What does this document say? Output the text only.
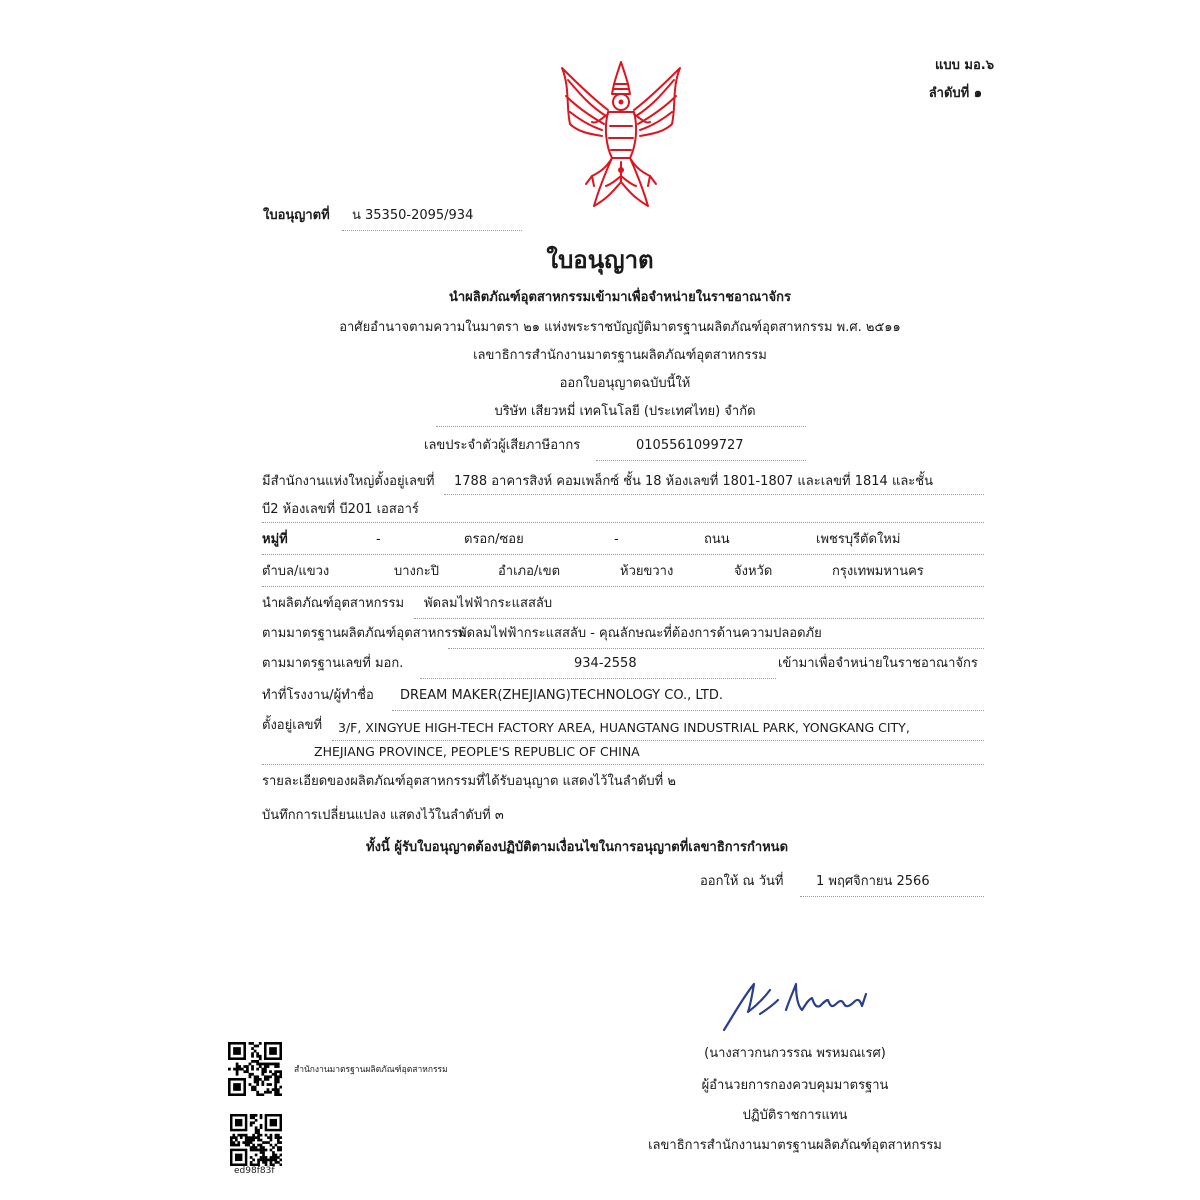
แบบ มอ.๖
ลำดับที่ ๑
ใบอนุญาตที่ น 35350-2095/934
ใบอนุญาต
นำผลิตภัณฑ์อุตสาหกรรมเข้ามาเพื่อจำหน่ายในราชอาณาจักร
อาศัยอำนาจตามความในมาตรา ๒๑ แห่งพระราชบัญญัติมาตรฐานผลิตภัณฑ์อุตสาหกรรม พ.ศ. ๒๕๑๑
เลขาธิการสำนักงานมาตรฐานผลิตภัณฑ์อุตสาหกรรม
ออกใบอนุญาตฉบับนี้ให้
บริษัท เสียวหมี่ เทคโนโลยี (ประเทศไทย) จำกัด
เลขประจำตัวผู้เสียภาษีอากร	0105561099727
มีสำนักงานแห่งใหญ่ตั้งอยู่เลขที่ 1788 อาคารสิงห์ คอมเพล็กซ์ ชั้น 18 ห้องเลขที่ 1801-1807 และเลขที่ 1814 และชั้น
บี2 ห้องเลขที่ บี201 เอสอาร์
หมู่ที่	-	ตรอก/ซอย	-	ถนน	เพชรบุรีตัดใหม่
ตำบล/แขวง	บางกะปิ	อำเภอ/เขต	ห้วยขวาง	จังหวัด	กรุงเทพมหานคร
นำผลิตภัณฑ์อุตสาหกรรม พัดลมไฟฟ้ากระแสสลับ
ตามมาตรฐานผลิตภัณฑ์อุตสาหกรรม
พัดลมไฟฟ้ากระแสสลับ - คุณลักษณะที่ต้องการด้านความปลอดภัย
ตามมาตรฐานเลขที่ มอก.	934-2558	เข้ามาเพื่อจำหน่ายในราชอาณาจักร
ทำที่โรงงาน/ผู้ทำชื่อ DREAM MAKER(ZHEJIANG)TECHNOLOGY CO., LTD.
ตั้งอยู่เลขที่ 3/F, XINGYUE HIGH-TECH FACTORY AREA, HUANGTANG INDUSTRIAL PARK, YONGKANG CITY,
ZHEJIANG PROVINCE, PEOPLE'S REPUBLIC OF CHINA
รายละเอียดของผลิตภัณฑ์อุตสาหกรรมที่ได้รับอนุญาต แสดงไว้ในลำดับที่ ๒
บันทึกการเปลี่ยนแปลง แสดงไว้ในลำดับที่ ๓
ทั้งนี้ ผู้รับใบอนุญาตต้องปฏิบัติตามเงื่อนไขในการอนุญาตที่เลขาธิการกำหนด
ออกให้ ณ วันที่	1 พฤศจิกายน 2566
(นางสาวกนกวรรณ พรหมณเรศ)
ผู้อำนวยการกองควบคุมมาตรฐาน
ปฏิบัติราชการแทน
เลขาธิการสำนักงานมาตรฐานผลิตภัณฑ์อุตสาหกรรม
สำนักงานมาตรฐานผลิตภัณฑ์อุตสาหกรรม
ed98f83f
